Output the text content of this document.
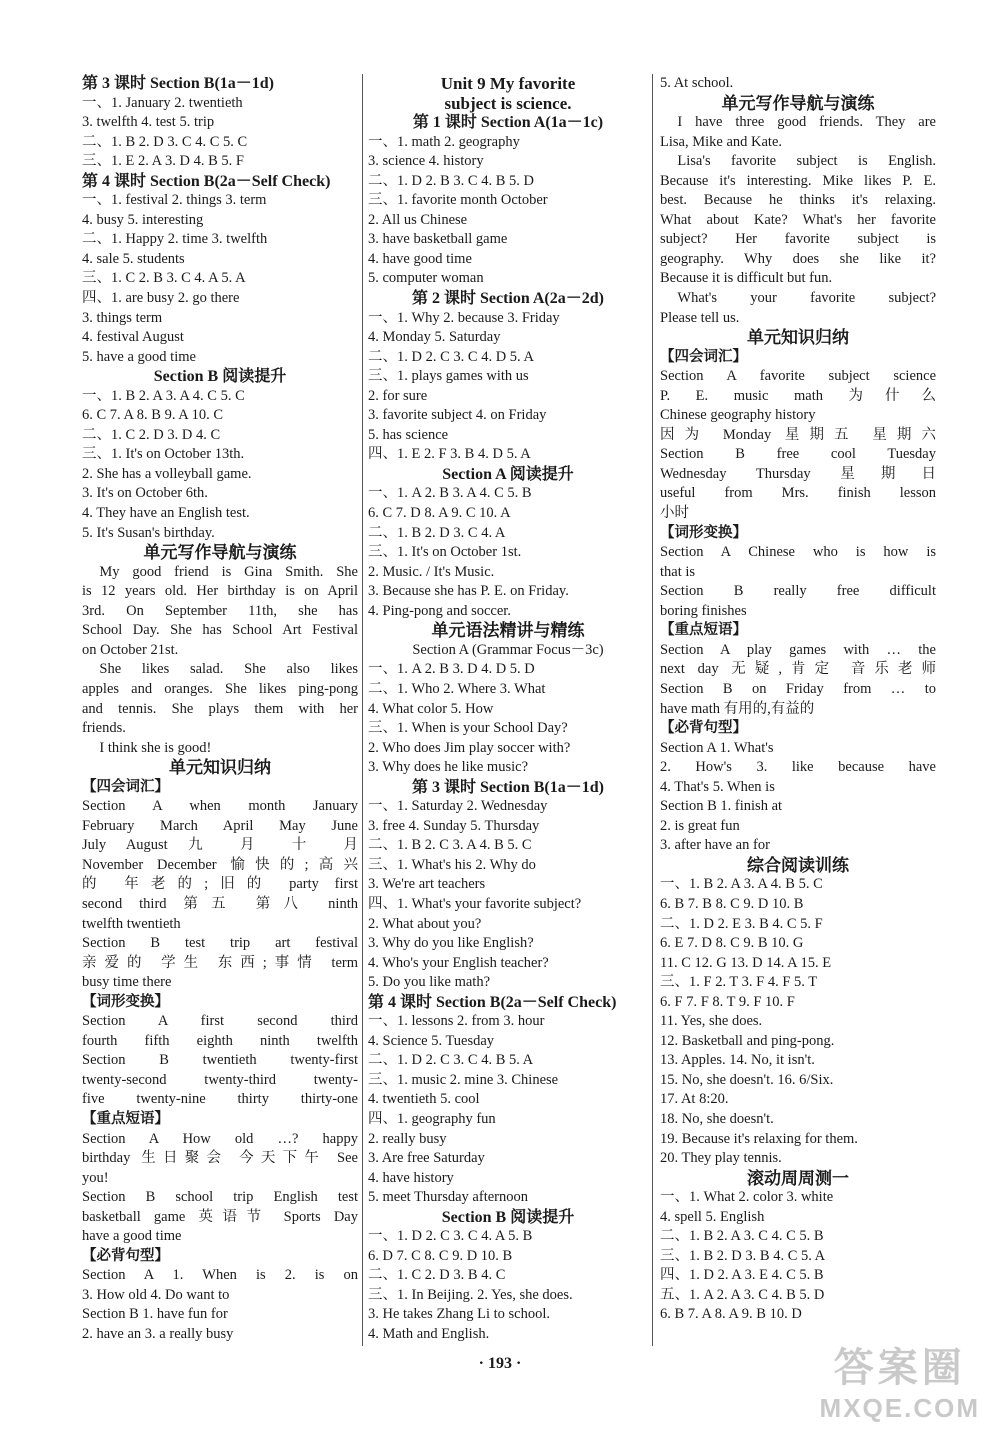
第 3 课时 Section B(1a－1d)
一、1. January 2. twentieth
3. twelfth 4. test 5. trip
二、1. B 2. D 3. C 4. C 5. C
三、1. E 2. A 3. D 4. B 5. F
第 4 课时 Section B(2a－Self Check)
一、1. festival 2. things 3. term
4. busy 5. interesting
二、1. Happy 2. time 3. twelfth
4. sale 5. students
三、1. C 2. B 3. C 4. A 5. A
四、1. are busy 2. go there
3. things term
4. festival August
5. have a good time
Section B 阅读提升
一、1. B 2. A 3. A 4. C 5. C
6. C 7. A 8. B 9. A 10. C
二、1. C 2. D 3. D 4. C
三、1. It's on October 13th.
2. She has a volleyball game.
3. It's on October 6th.
4. They have an English test.
5. It's Susan's birthday.
单元写作导航与演练
My good friend is Gina Smith. She
is 12 years old. Her birthday is on April
3rd. On September 11th, she has
School Day. She has School Art Festival
on October 21st.
She likes salad. She also likes
apples and oranges. She likes ping-pong
and tennis. She plays them with her
friends.
I think she is good!
单元知识归纳
【四会词汇】
Section A when month January
February March April May June
July August 九 月 十 月
November December 愉快的;高兴
的 年老的;旧的 party first
second third 第五 第八 ninth
twelfth twentieth
Section B test trip art festival
亲爱的 学生 东西;事情 term
busy time there
【词形变换】
Section A first second third
fourth fifth eighth ninth twelfth
Section B twentieth twenty-first
twenty-second twenty-third twenty-
five twenty-nine thirty thirty-one
【重点短语】
Section A How old …? happy
birthday 生日聚会 今天下午 See
you!
Section B school trip English test
basketball game 英语节 Sports Day
have a good time
【必背句型】
Section A 1. When is 2. is on
3. How old 4. Do want to
Section B 1. have fun for
2. have an 3. a really busy
Unit 9 My favorite
subject is science.
第 1 课时 Section A(1a－1c)
一、1. math 2. geography
3. science 4. history
二、1. D 2. B 3. C 4. B 5. D
三、1. favorite month October
2. All us Chinese
3. have basketball game
4. have good time
5. computer woman
第 2 课时 Section A(2a－2d)
一、1. Why 2. because 3. Friday
4. Monday 5. Saturday
二、1. D 2. C 3. C 4. D 5. A
三、1. plays games with us
2. for sure
3. favorite subject 4. on Friday
5. has science
四、1. E 2. F 3. B 4. D 5. A
Section A 阅读提升
一、1. A 2. B 3. A 4. C 5. B
6. C 7. D 8. A 9. C 10. A
二、1. B 2. D 3. C 4. A
三、1. It's on October 1st.
2. Music. / It's Music.
3. Because she has P. E. on Friday.
4. Ping-pong and soccer.
单元语法精讲与精练
Section A (Grammar Focus－3c)
一、1. A 2. B 3. D 4. D 5. D
二、1. Who 2. Where 3. What
4. What color 5. How
三、1. When is your School Day?
2. Who does Jim play soccer with?
3. Why does he like music?
第 3 课时 Section B(1a－1d)
一、1. Saturday 2. Wednesday
3. free 4. Sunday 5. Thursday
二、1. B 2. C 3. A 4. B 5. C
三、1. What's his 2. Why do
3. We're art teachers
四、1. What's your favorite subject?
2. What about you?
3. Why do you like English?
4. Who's your English teacher?
5. Do you like math?
第 4 课时 Section B(2a－Self Check)
一、1. lessons 2. from 3. hour
4. Science 5. Tuesday
二、1. D 2. C 3. C 4. B 5. A
三、1. music 2. mine 3. Chinese
4. twentieth 5. cool
四、1. geography fun
2. really busy
3. Are free Saturday
4. have history
5. meet Thursday afternoon
Section B 阅读提升
一、1. D 2. C 3. C 4. A 5. B
6. D 7. C 8. C 9. D 10. B
二、1. C 2. D 3. B 4. C
三、1. In Beijing. 2. Yes, she does.
3. He takes Zhang Li to school.
4. Math and English.
5. At school.
单元写作导航与演练
I have three good friends. They are
Lisa, Mike and Kate.
Lisa's favorite subject is English.
Because it's interesting. Mike likes P. E.
best. Because he thinks it's relaxing.
What about Kate? What's her favorite
subject? Her favorite subject is
geography. Why does she like it?
Because it is difficult but fun.
What's your favorite subject?
Please tell us.
单元知识归纳
【四会词汇】
Section A favorite subject science
P. E. music math 为什么
Chinese geography history
因为 Monday 星期五 星期六
Section B free cool Tuesday
Wednesday Thursday 星期日
useful from Mrs. finish lesson
小时
【词形变换】
Section A Chinese who is how is
that is
Section B really free difficult
boring finishes
【重点短语】
Section A play games with … the
next day 无疑,肯定 音乐老师
Section B on Friday from … to
have math 有用的,有益的
【必背句型】
Section A 1. What's
2. How's 3. like because have
4. That's 5. When is
Section B 1. finish at
2. is great fun
3. after have an for
综合阅读训练
一、1. B 2. A 3. A 4. B 5. C
6. B 7. B 8. C 9. D 10. B
二、1. D 2. E 3. B 4. C 5. F
6. E 7. D 8. C 9. B 10. G
11. C 12. G 13. D 14. A 15. E
三、1. F 2. T 3. F 4. F 5. T
6. F 7. F 8. T 9. F 10. F
11. Yes, she does.
12. Basketball and ping-pong.
13. Apples. 14. No, it isn't.
15. No, she doesn't. 16. 6/Six.
17. At 8:20.
18. No, she doesn't.
19. Because it's relaxing for them.
20. They play tennis.
滚动周周测一
一、1. What 2. color 3. white
4. spell 5. English
二、1. B 2. A 3. C 4. C 5. B
三、1. B 2. D 3. B 4. C 5. A
四、1. D 2. A 3. E 4. C 5. B
五、1. A 2. A 3. C 4. B 5. D
6. B 7. A 8. A 9. B 10. D
· 193 ·	答案圈
MXQE.COM
